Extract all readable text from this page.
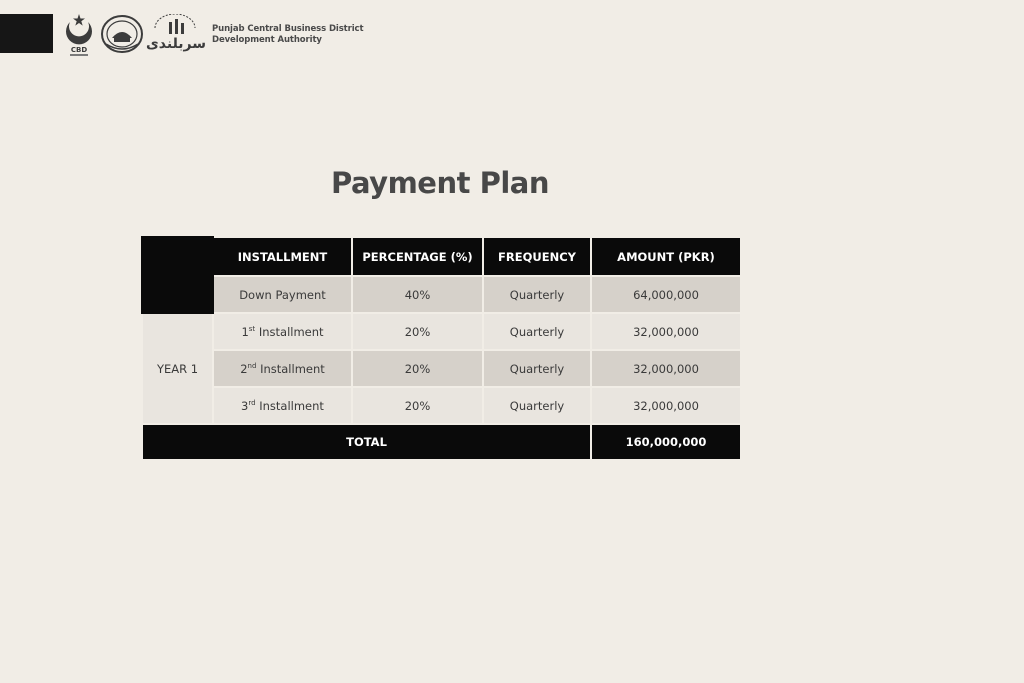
CBD	سربلندی
Punjab Central Business District
Development Authority
Payment Plan
	INSTALLMENT	PERCENTAGE (%)	FREQUENCY	AMOUNT (PKR)
	Down Payment	40%	Quarterly	64,000,000
YEAR 1	1st Installment	20%	Quarterly	32,000,000
	2nd Installment	20%	Quarterly	32,000,000
	3rd Installment	20%	Quarterly	32,000,000
TOTAL				160,000,000
